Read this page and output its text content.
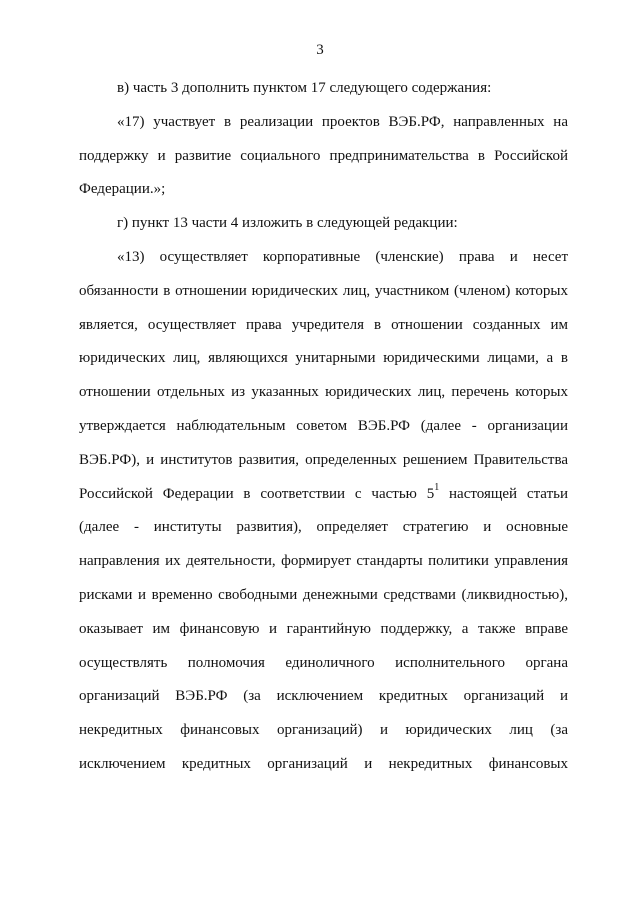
3
в) часть 3 дополнить пунктом 17 следующего содержания:
«17) участвует в реализации проектов ВЭБ.РФ, направленных на
поддержку и развитие социального предпринимательства в Российской
Федерации.»;
г) пункт 13 части 4 изложить в следующей редакции:
«13) осуществляет корпоративные (членские) права и несет
обязанности в отношении юридических лиц, участником (членом) которых
является, осуществляет права учредителя в отношении созданных им
юридических лиц, являющихся унитарными юридическими лицами, а в
отношении отдельных из указанных юридических лиц, перечень которых
утверждается наблюдательным советом ВЭБ.РФ (далее - организации
ВЭБ.РФ), и институтов развития, определенных решением Правительства
Российской Федерации в соответствии с частью $5^1$ настоящей статьи
(далее - институты развития), определяет стратегию и основные
направления их деятельности, формирует стандарты политики управления
рисками и временно свободными денежными средствами (ликвидностью),
оказывает им финансовую и гарантийную поддержку, а также вправе
осуществлять полномочия единоличного исполнительного органа
организаций ВЭБ.РФ (за исключением кредитных организаций и
некредитных финансовых организаций) и юридических лиц (за
исключением кредитных организаций и некредитных финансовых
